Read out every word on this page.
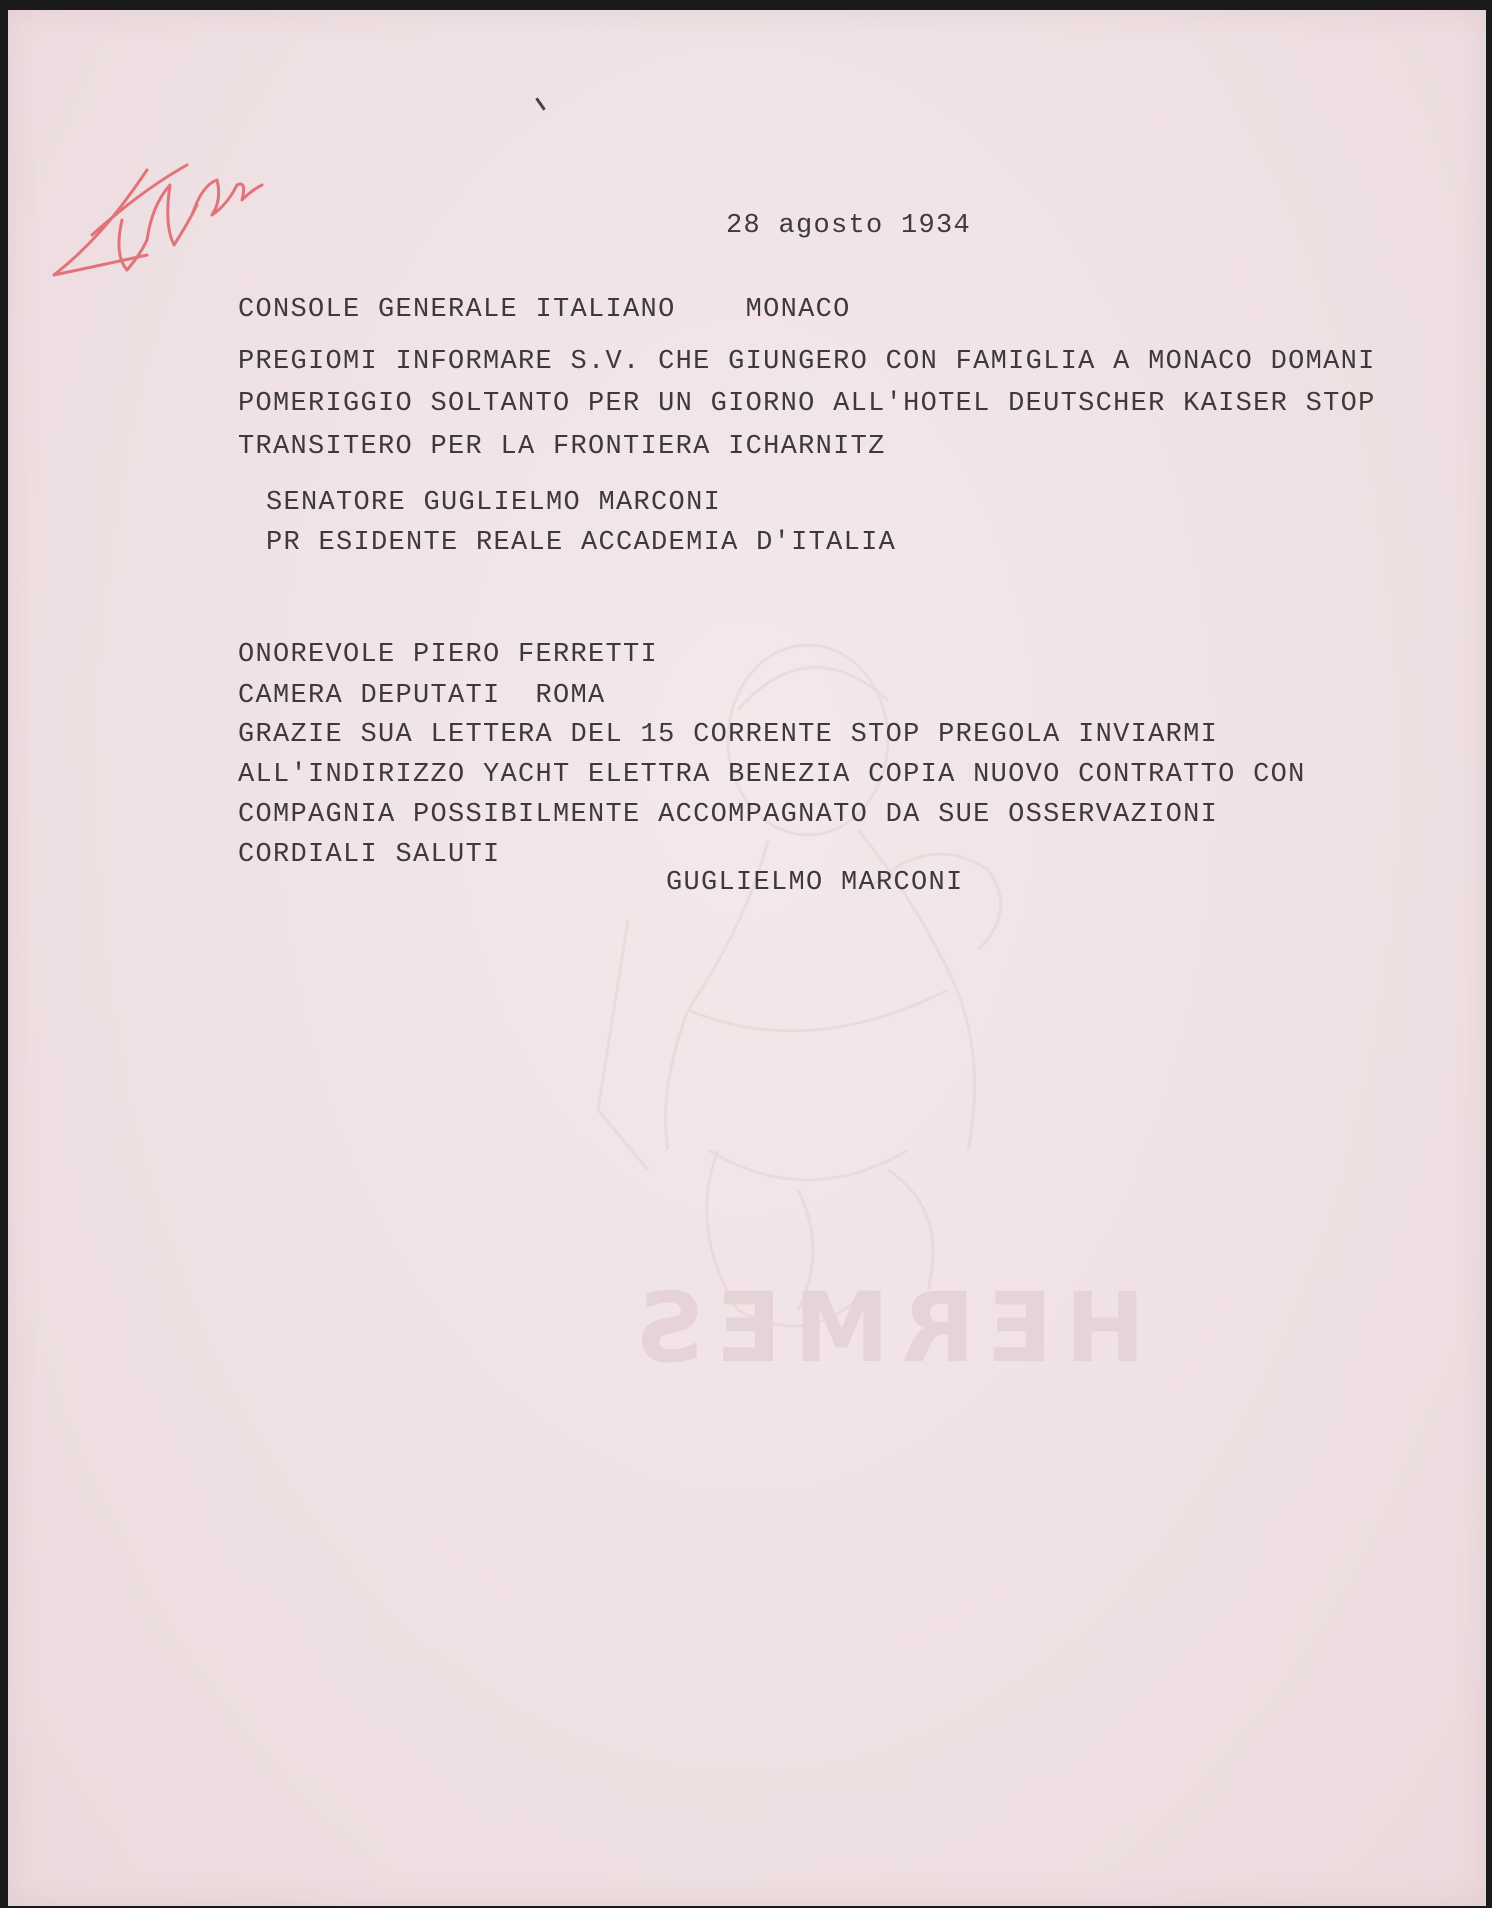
HERMES
28 agosto 1934
CONSOLE GENERALE ITALIANO    MONACO
PREGIOMI INFORMARE S.V. CHE GIUNGERO CON FAMIGLIA A MONACO DOMANI
POMERIGGIO SOLTANTO PER UN GIORNO ALL'HOTEL DEUTSCHER KAISER STOP
TRANSITERO PER LA FRONTIERA ICHARNITZ
SENATORE GUGLIELMO MARCONI
PR ESIDENTE REALE ACCADEMIA D'ITALIA
ONOREVOLE PIERO FERRETTI
CAMERA DEPUTATI  ROMA
GRAZIE SUA LETTERA DEL 15 CORRENTE STOP PREGOLA INVIARMI
ALL'INDIRIZZO YACHT ELETTRA BENEZIA COPIA NUOVO CONTRATTO CON
COMPAGNIA POSSIBILMENTE ACCOMPAGNATO DA SUE OSSERVAZIONI
CORDIALI SALUTI
GUGLIELMO MARCONI
